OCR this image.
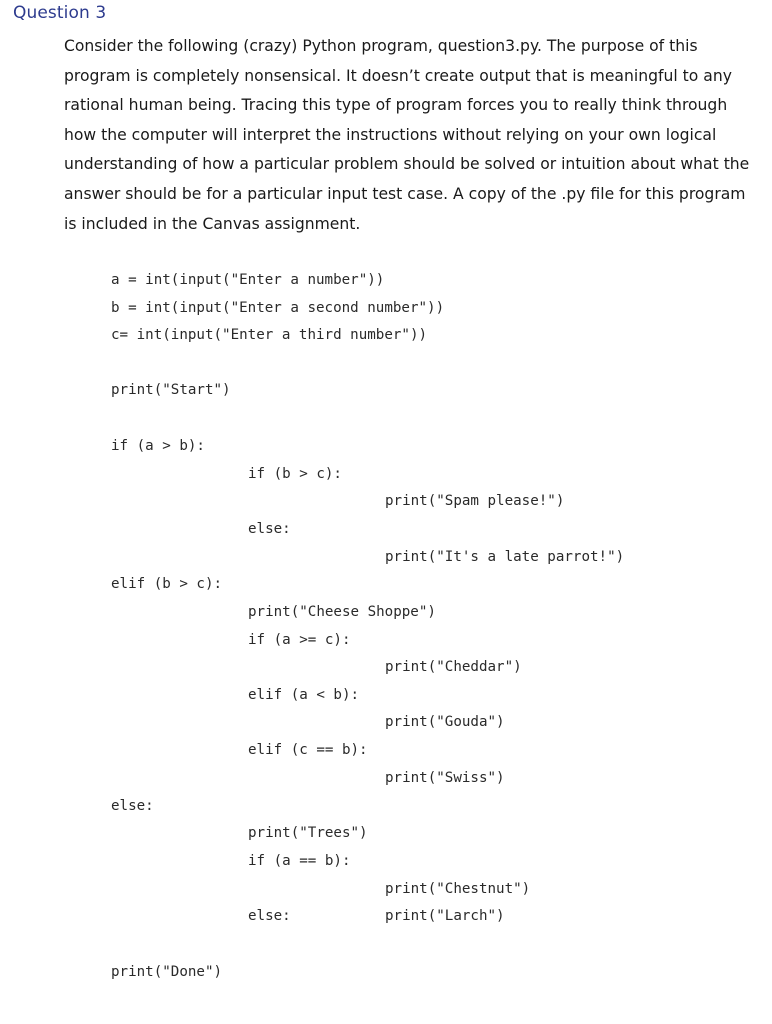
Question 3

Consider the following (crazy) Python program, question3.py. The purpose of this program is completely nonsensical. It doesn’t create output that is meaningful to any rational human being. Tracing this type of program forces you to really think through how the computer will interpret the instructions without relying on your own logical understanding of how a particular problem should be solved or intuition about what the answer should be for a particular input test case. A copy of the .py file for this program is included in the Canvas assignment.

a = int(input("Enter a number"))
b = int(input("Enter a second number"))
c= int(input("Enter a third number"))
print("Start")
if (a > b):
if (b > c):
print("Spam please!")
else:
print("It's a late parrot!")
elif (b > c):
print("Cheese Shoppe")
if (a >= c):
print("Cheddar")
elif (a < b):
print("Gouda")
elif (c == b):
print("Swiss")
else:
print("Trees")
if (a == b):
print("Chestnut")
else:	print("Larch")
print("Done")
